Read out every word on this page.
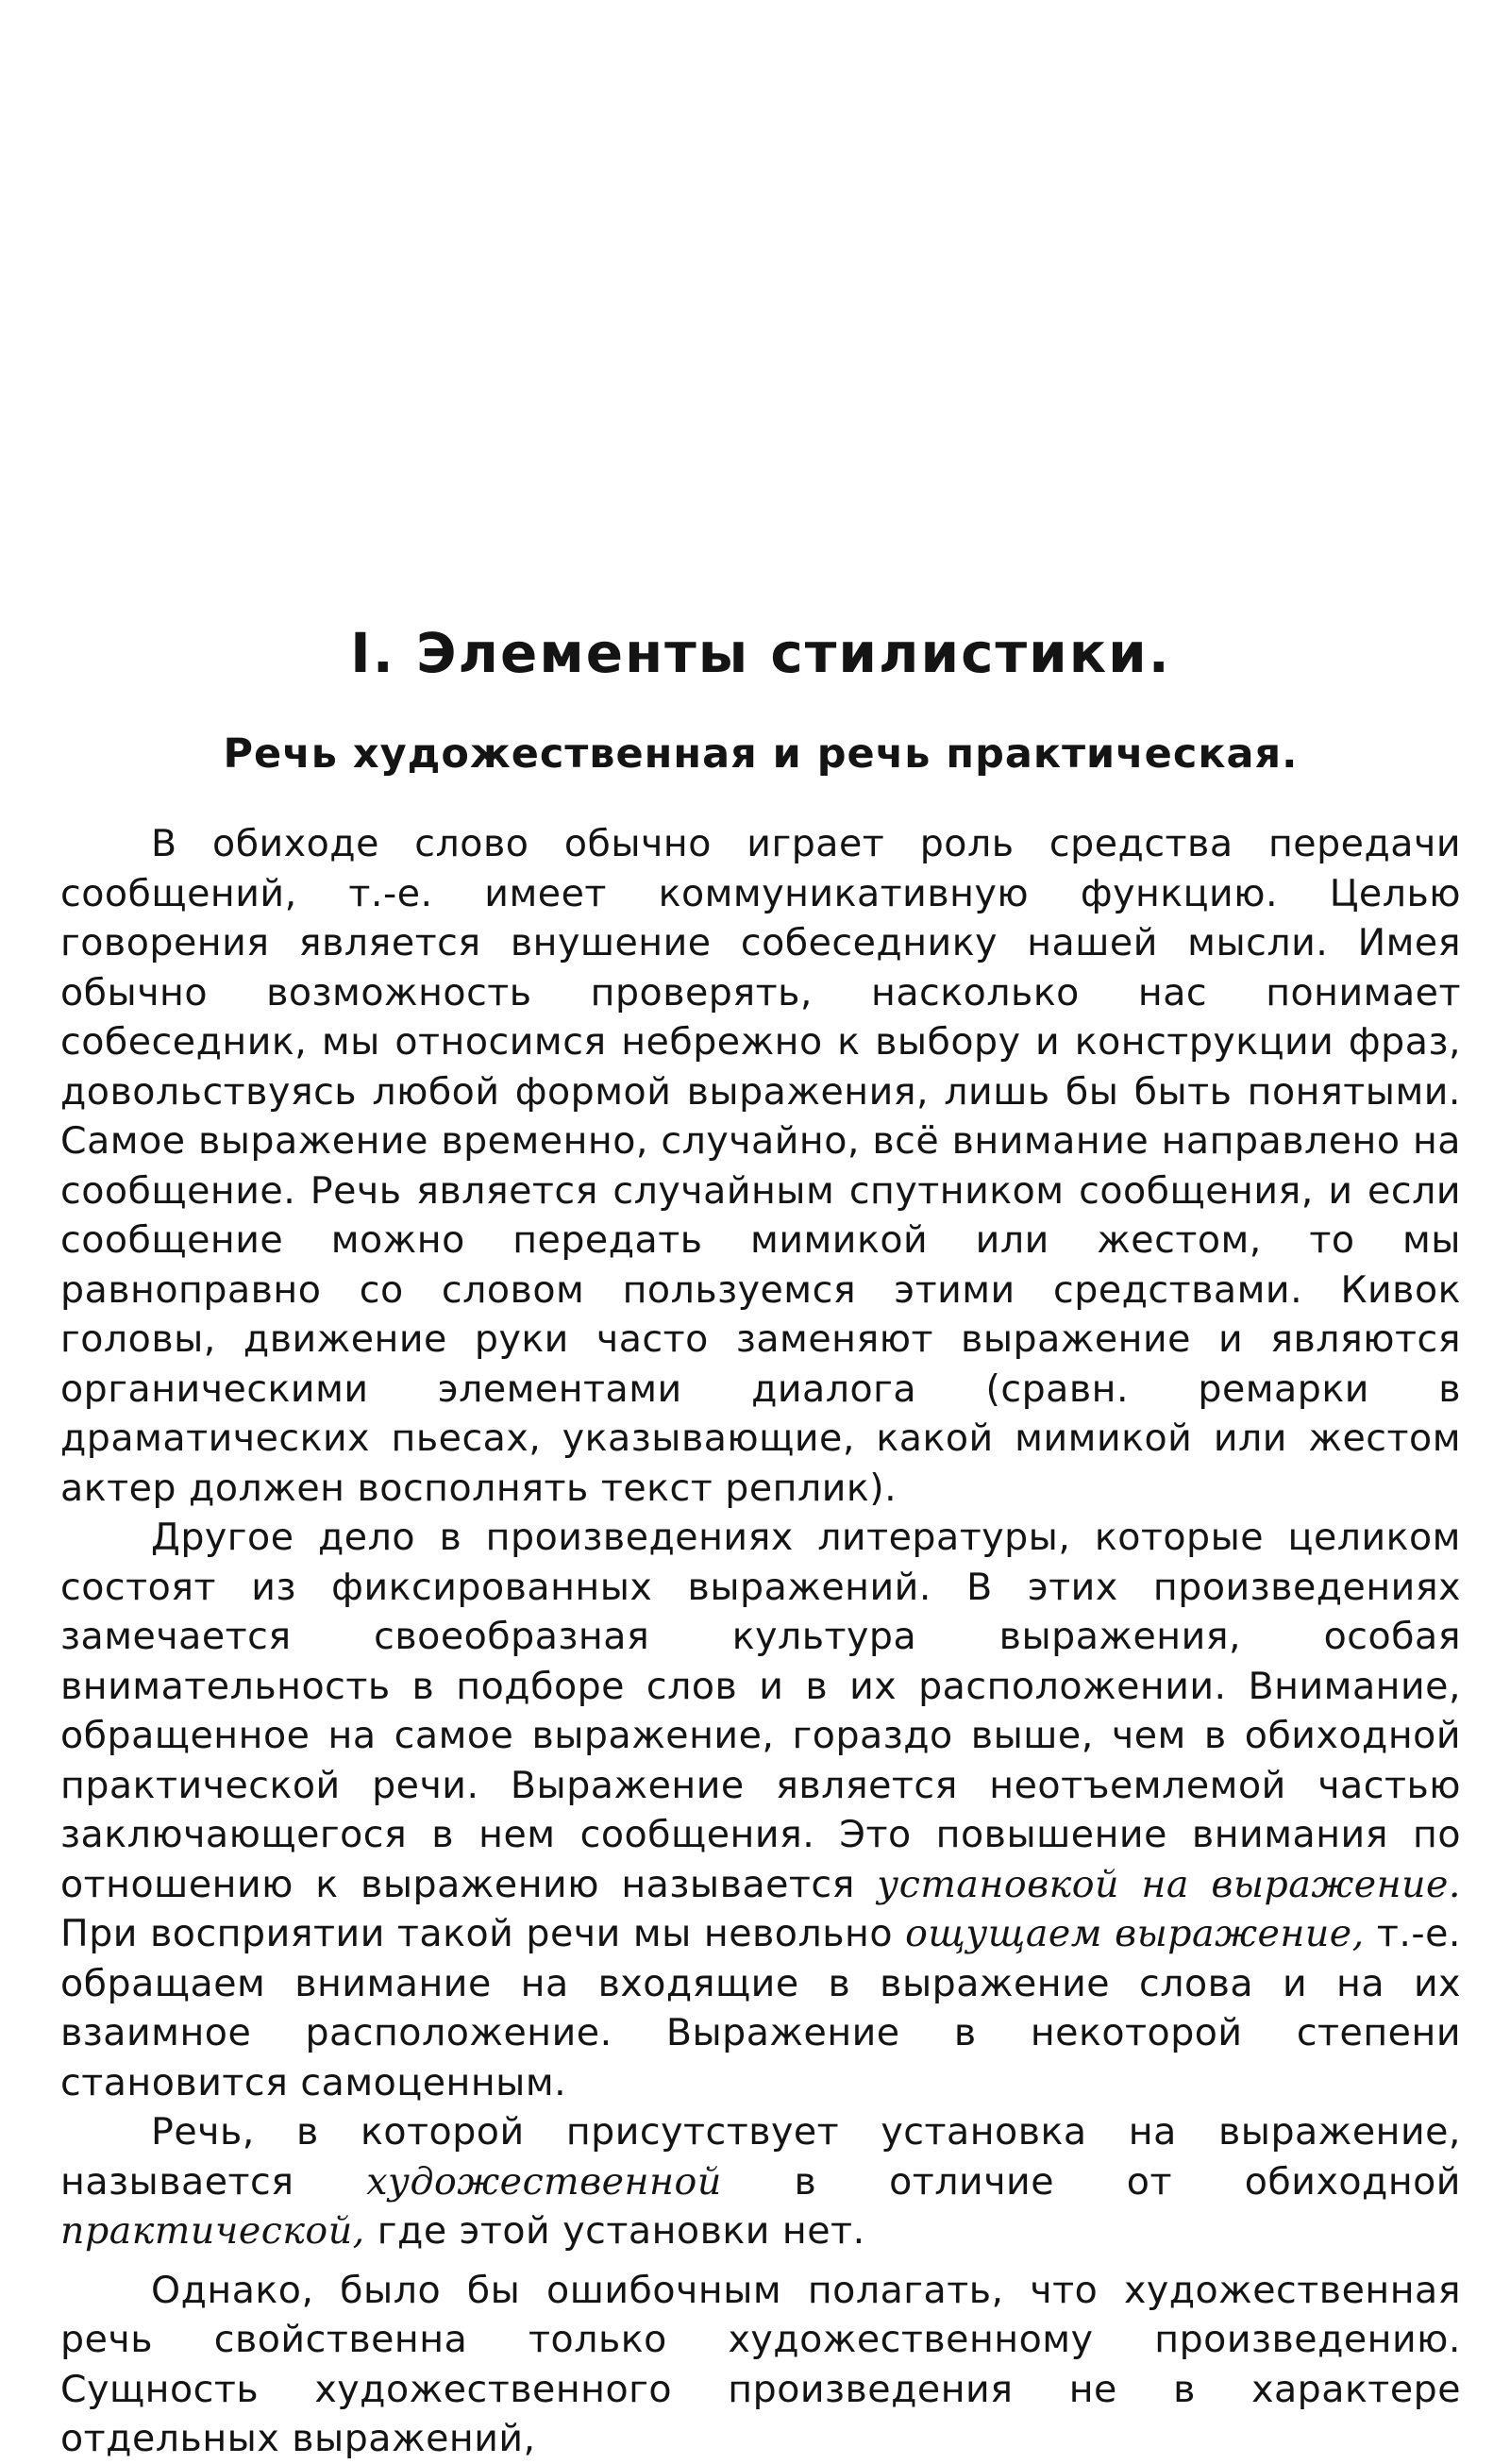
I. Элементы стилистики.
Речь художественная и речь практическая.

В обиходе слово обычно играет роль средства передачи сообщений, т.-е. имеет коммуникативную функцию. Целью говорения является внушение собеседнику нашей мысли. Имея обычно возможность проверять, насколько нас понимает собеседник, мы относимся небрежно к выбору и конструкции фраз, довольствуясь любой формой выражения, лишь бы быть понятыми. Самое выражение временно, случайно, всё внимание направлено на сообщение. Речь является случайным спутником сообщения, и если сообщение можно передать мимикой или жестом, то мы равноправно со словом пользуемся этими средствами. Кивок головы, движение руки часто заменяют выражение и являются органическими элементами диалога (сравн. ремарки в драматических пьесах, указывающие, какой мимикой или жестом актер должен восполнять текст реплик).

Другое дело в произведениях литературы, которые целиком состоят из фиксированных выражений. В этих произведениях замечается своеобразная культура выражения, особая внимательность в подборе слов и в их расположении. Внимание, обращенное на самое выражение, гораздо выше, чем в обиходной практической речи. Выражение является неотъемлемой частью заключающегося в нем сообщения. Это повышение внимания по отношению к выражению называется установкой на выражение. При восприятии такой речи мы невольно ощущаем выражение, т.-е. обращаем внимание на входящие в выражение слова и на их взаимное расположение. Выражение в некоторой степени становится самоценным.

Речь, в которой присутствует установка на выражение, называется художественной в отличие от обиходной практической, где этой установки нет.

Однако, было бы ошибочным полагать, что художественная речь свойственна только художественному произведению. Сущность художественного произведения не в характере отдельных выражений,
